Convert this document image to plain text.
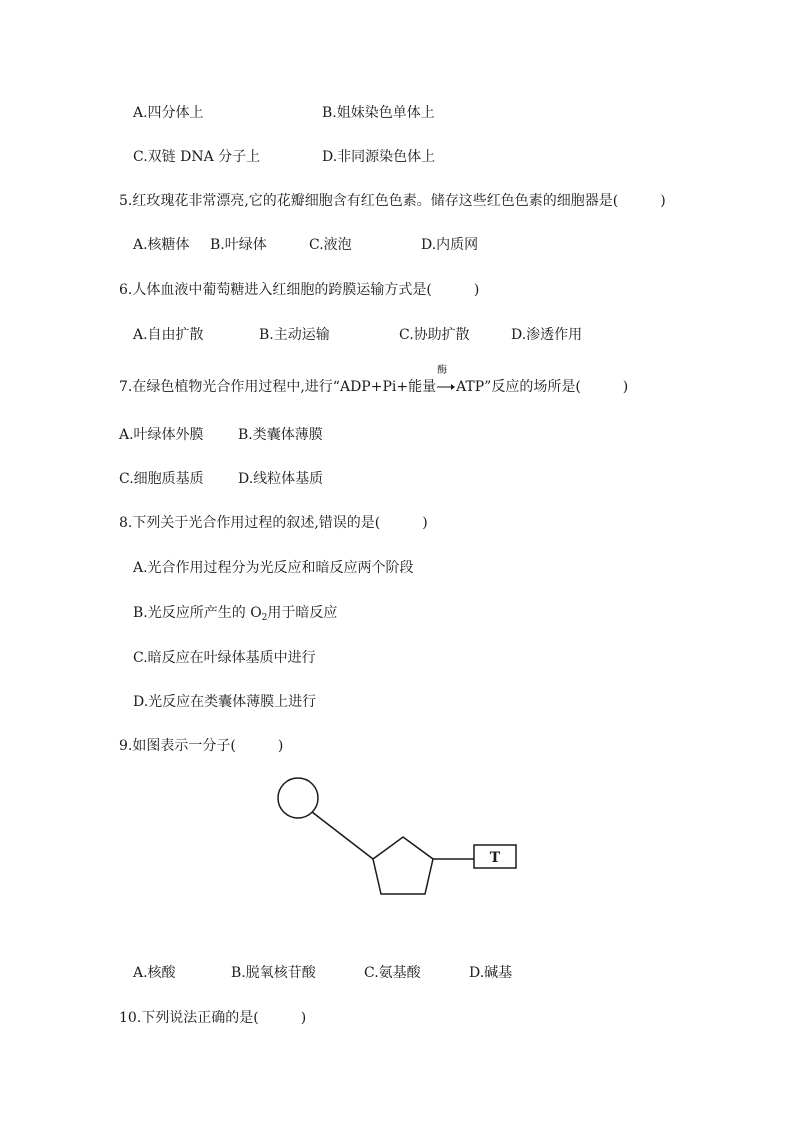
A.四分体上	B.姐妹染色单体上
C.双链 DNA 分子上	D.非同源染色体上
5.红玫瑰花非常漂亮,它的花瓣细胞含有红色色素。储存这些红色色素的细胞器是(　　　)
A.核糖体 B.叶绿体	C.液泡	D.内质网
6.人体血液中葡萄糖进入红细胞的跨膜运输方式是(　　　)
A.自由扩散	B.主动运输	C.协助扩散	D.渗透作用
7.在绿色植物光合作用过程中,进行“ADP+Pi+能量
酶
ATP”反应的场所是(　　　)
A.叶绿体外膜 B.类囊体薄膜
C.细胞质基质 D.线粒体基质
8.下列关于光合作用过程的叙述,错误的是(　　　)
A.光合作用过程分为光反应和暗反应两个阶段
B.光反应所产生的 $O_2$用于暗反应
C.暗反应在叶绿体基质中进行
D.光反应在类囊体薄膜上进行
9.如图表示一分子(　　　)
T
A.核酸	B.脱氧核苷酸	C.氨基酸	D.碱基
10.下列说法正确的是(　　　)
